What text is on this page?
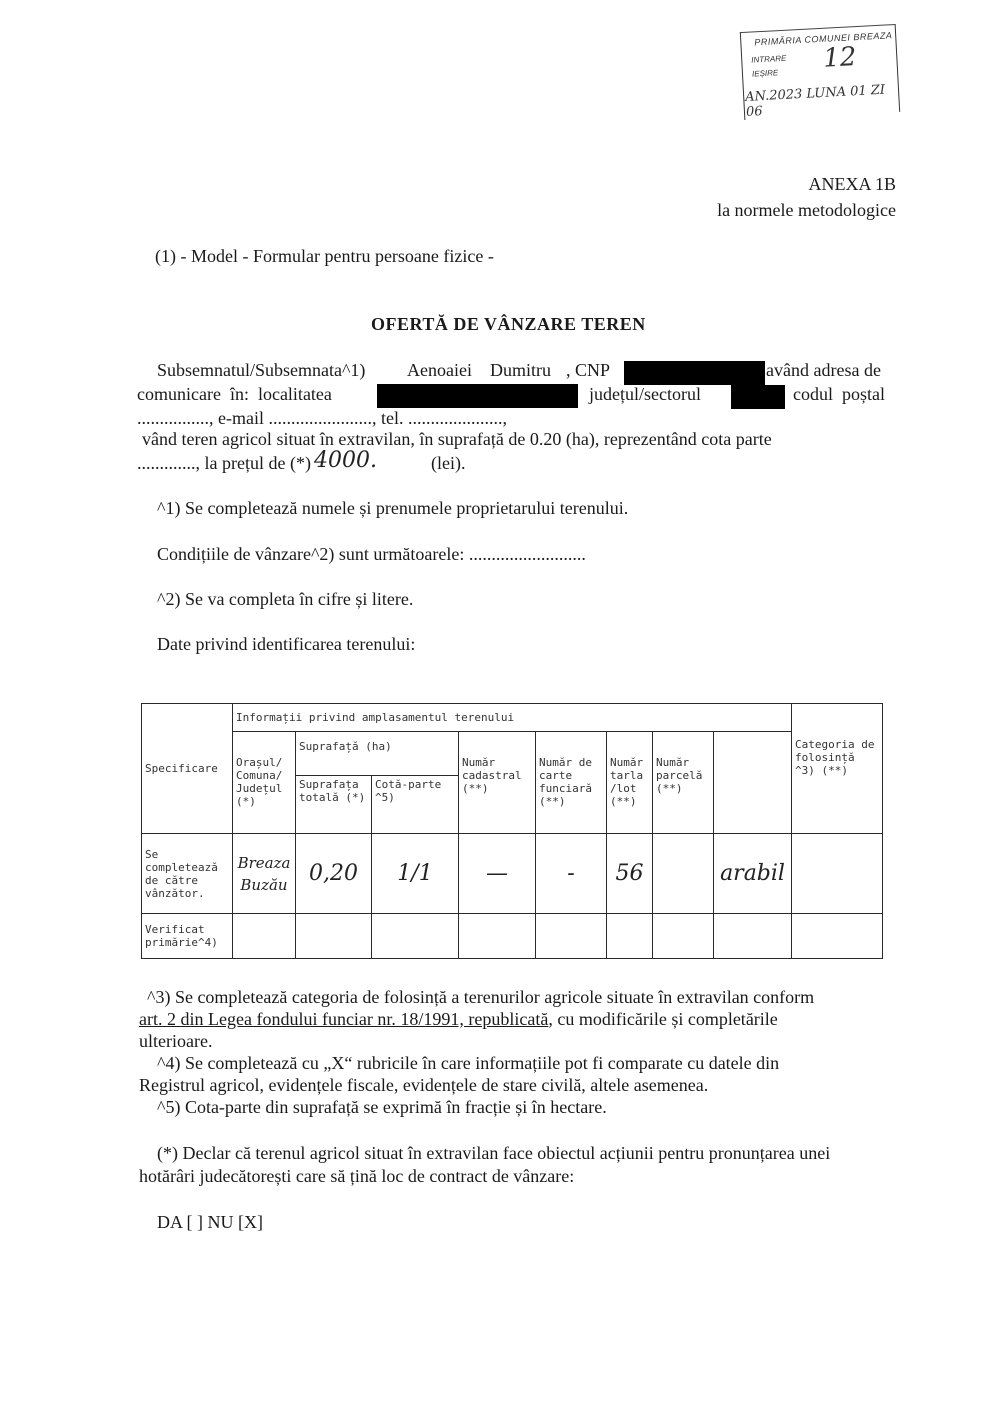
PRIMĂRIA COMUNEI BREAZA
INTRARE
IEȘIRE 12
AN.2023 LUNA 01 ZI 06
ANEXA 1B
la normele metodologice
(1) - Model - Formular pentru persoane fizice -
OFERTĂ DE VÂNZARE TEREN
Subsemnatul/Subsemnata^1) Aenoaiei    Dumitru , CNP	având adresa de
comunicare  în:  localitatea	județul/sectorul	codul  poștal
................, e-mail ......................., tel. .....................,
vând teren agricol situat în extravilan, în suprafață de 0.20 (ha), reprezentând cota parte
............., la prețul de (*) 4000.	(lei).
^1) Se completează numele și prenumele proprietarului terenului.
Condițiile de vânzare^2) sunt următoarele: ..........................
^2) Se va completa în cifre și litere.
Date privind identificarea terenului:
Specificare	Informații privind amplasamentul terenului								Categoria de folosință ^3) (**)	
	Orașul/ Comuna/ Județul (*)	Suprafață (ha)		Număr cadastral (**)	Număr de carte funciară (**)	Număr tarla /lot (**)	Număr parcelă (**)			
		Suprafața totală (*)	Cotă-parte ^5)							
Se completează de către vânzător.	Breaza Buzău	0,20	1/1	—	-	56		arabil		
Verificat primărie^4)										
^3) Se completează categoria de folosință a terenurilor agricole situate în extravilan conform
art. 2 din Legea fondului funciar nr. 18/1991, republicată, cu modificările și completările
ulterioare.
^4) Se completează cu „X“ rubricile în care informațiile pot fi comparate cu datele din
Registrul agricol, evidențele fiscale, evidențele de stare civilă, altele asemenea.
^5) Cota-parte din suprafață se exprimă în fracție și în hectare.
(*) Declar că terenul agricol situat în extravilan face obiectul acțiunii pentru pronunțarea unei
hotărâri judecătorești care să țină loc de contract de vânzare:
DA [ ] NU [X]
